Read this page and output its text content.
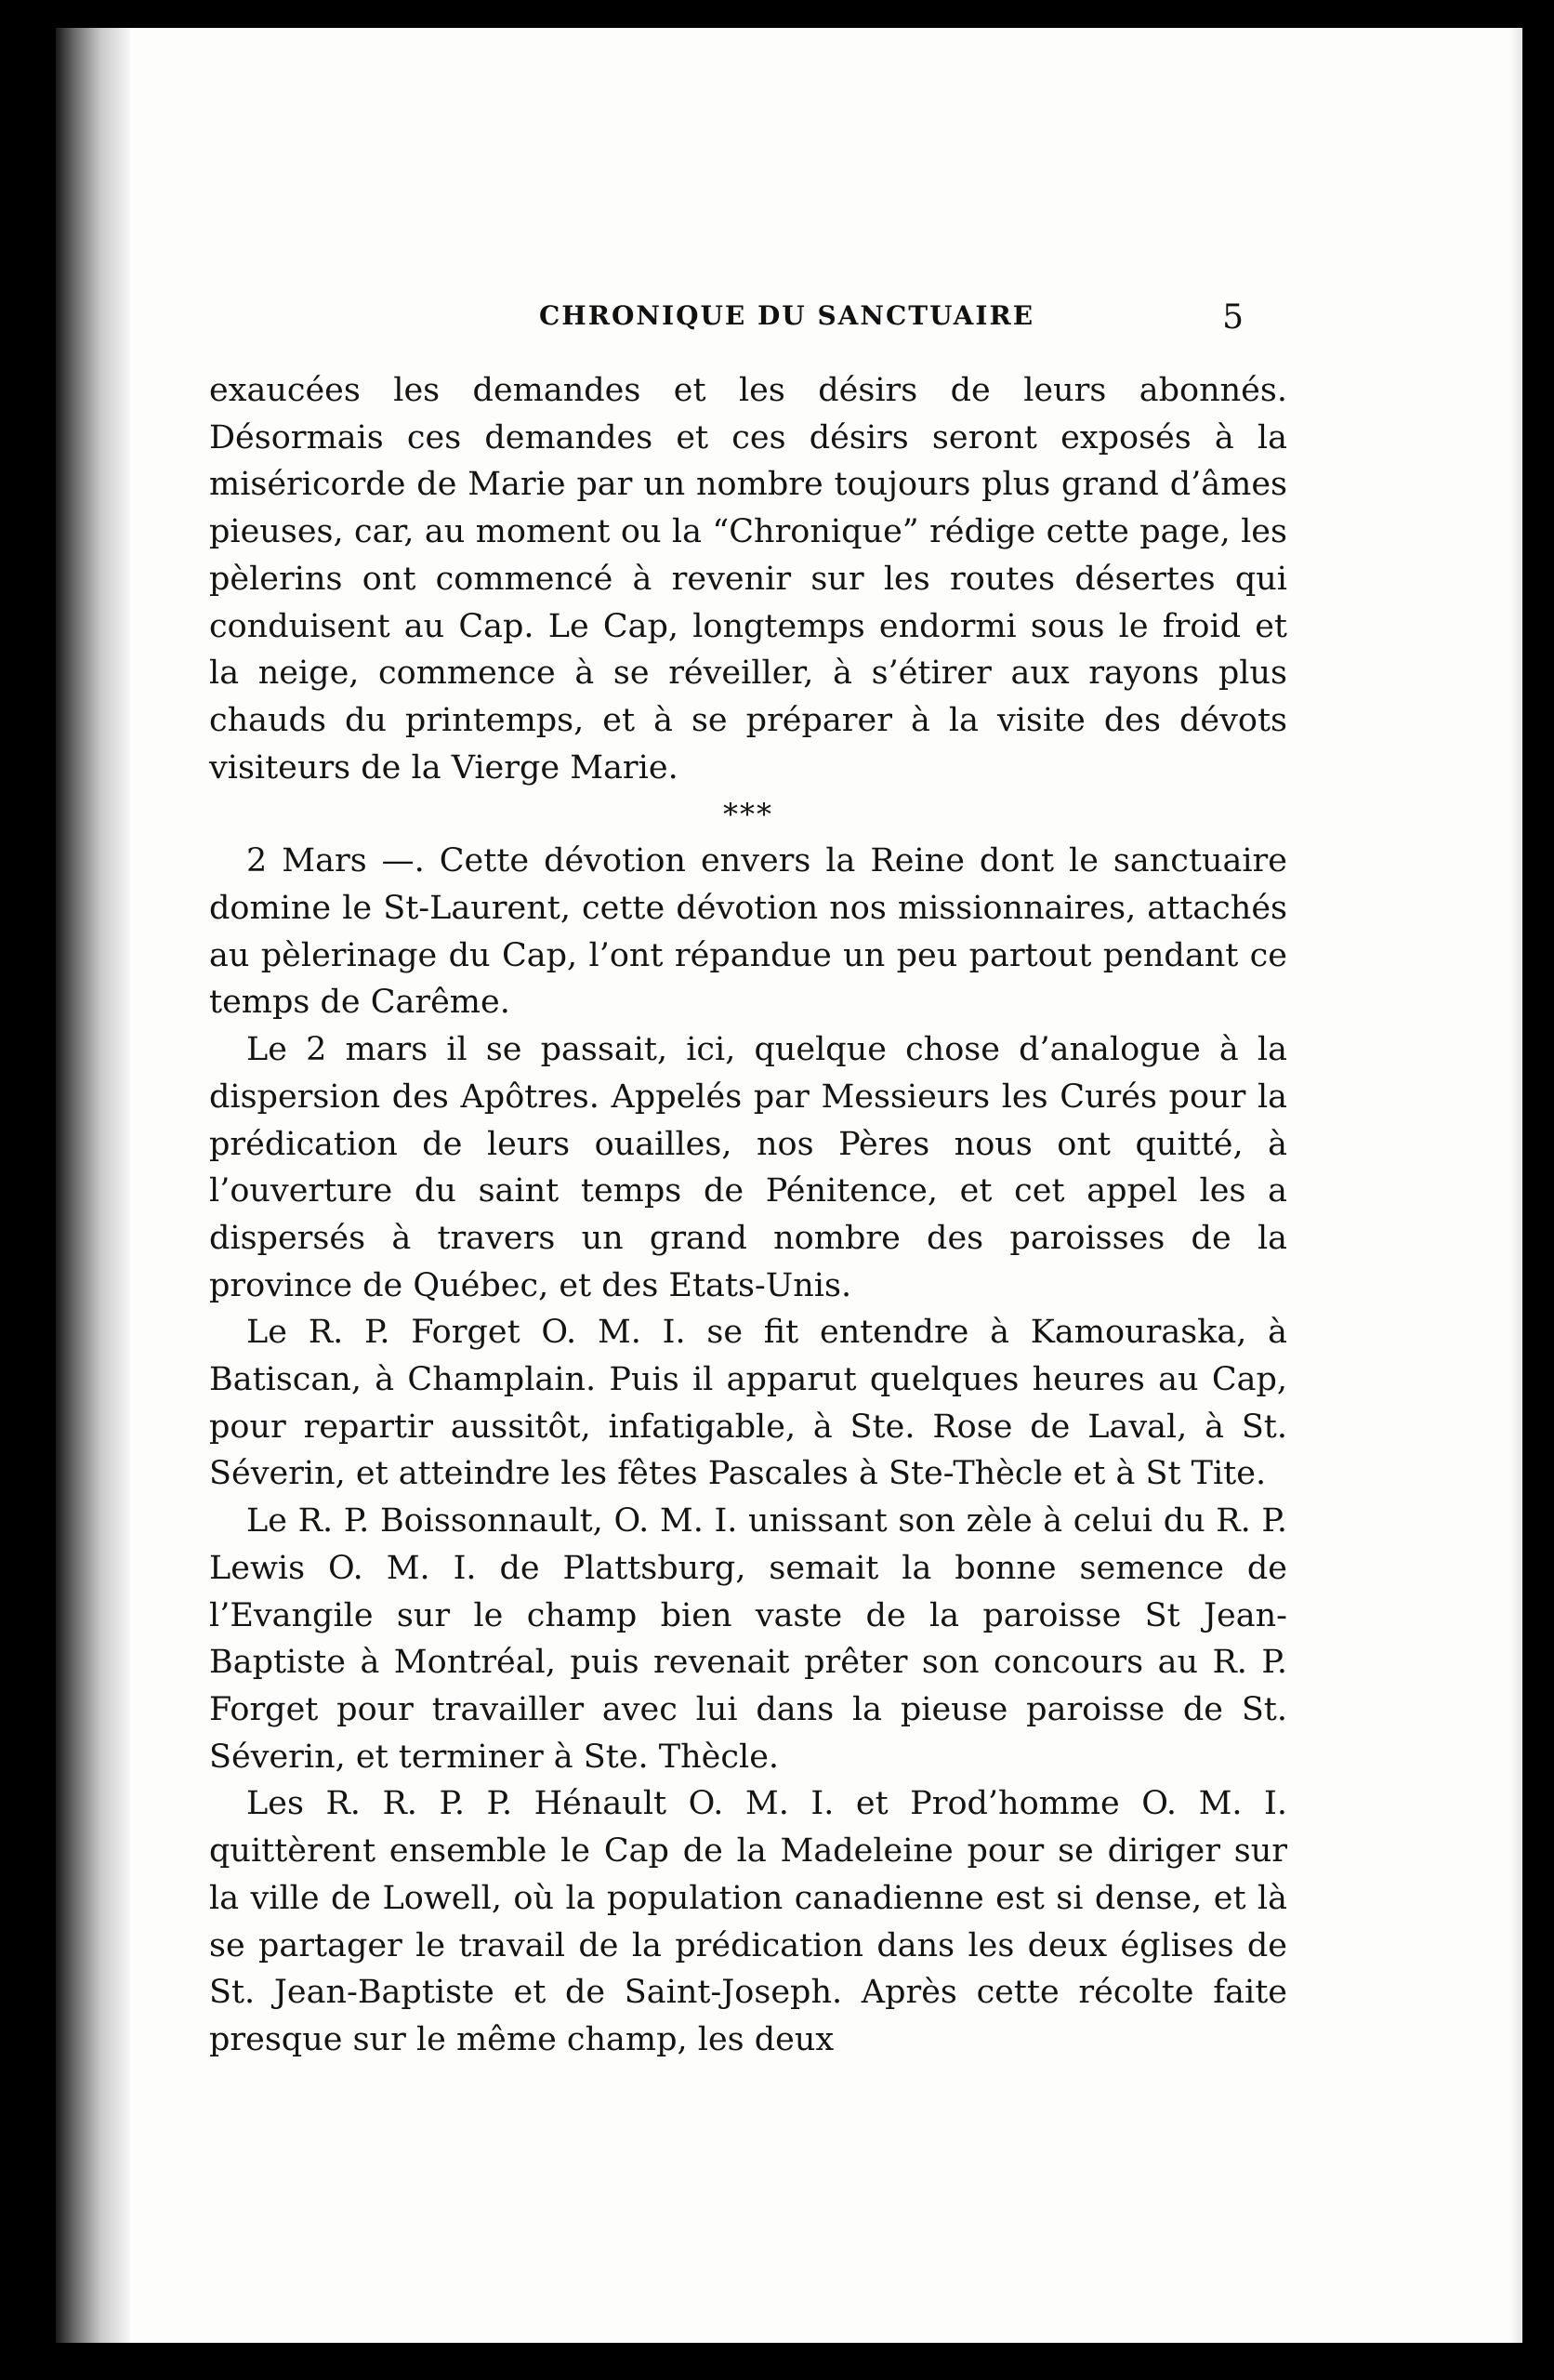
CHRONIQUE DU SANCTUAIRE	5

exaucées les demandes et les désirs de leurs abonnés. Désormais ces demandes et ces désirs seront exposés à la miséricorde de Marie par un nombre toujours plus grand d’âmes pieuses, car, au moment ou la “Chronique” rédige cette page, les pèlerins ont commencé à revenir sur les routes désertes qui conduisent au Cap. Le Cap, longtemps endormi sous le froid et la neige, commence à se réveiller, à s’étirer aux rayons plus chauds du printemps, et à se préparer à la visite des dévots visiteurs de la Vierge Marie.

***

2 Mars —. Cette dévotion envers la Reine dont le sanctuaire domine le St-Laurent, cette dévotion nos missionnaires, attachés au pèlerinage du Cap, l’ont répandue un peu partout pendant ce temps de Carême.

Le 2 mars il se passait, ici, quelque chose d’analogue à la dispersion des Apôtres. Appelés par Messieurs les Curés pour la prédication de leurs ouailles, nos Pères nous ont quitté, à l’ouverture du saint temps de Pénitence, et cet appel les a dispersés à travers un grand nombre des paroisses de la province de Québec, et des Etats-Unis.

Le R. P. Forget O. M. I. se fit entendre à Kamouraska, à Batiscan, à Champlain. Puis il apparut quelques heures au Cap, pour repartir aussitôt, infatigable, à Ste. Rose de Laval, à St. Séverin, et atteindre les fêtes Pascales à Ste-Thècle et à St Tite.

Le R. P. Boissonnault, O. M. I. unissant son zèle à celui du R. P. Lewis O. M. I. de Plattsburg, semait la bonne semence de l’Evangile sur le champ bien vaste de la paroisse St Jean-Baptiste à Montréal, puis revenait prêter son concours au R. P. Forget pour travailler avec lui dans la pieuse paroisse de St. Séverin, et terminer à Ste. Thècle.

Les R. R. P. P. Hénault O. M. I. et Prod’homme O. M. I. quittèrent ensemble le Cap de la Madeleine pour se diriger sur la ville de Lowell, où la population canadienne est si dense, et là se partager le travail de la prédication dans les deux églises de St. Jean-Baptiste et de Saint-Joseph. Après cette récolte faite presque sur le même champ, les deux
